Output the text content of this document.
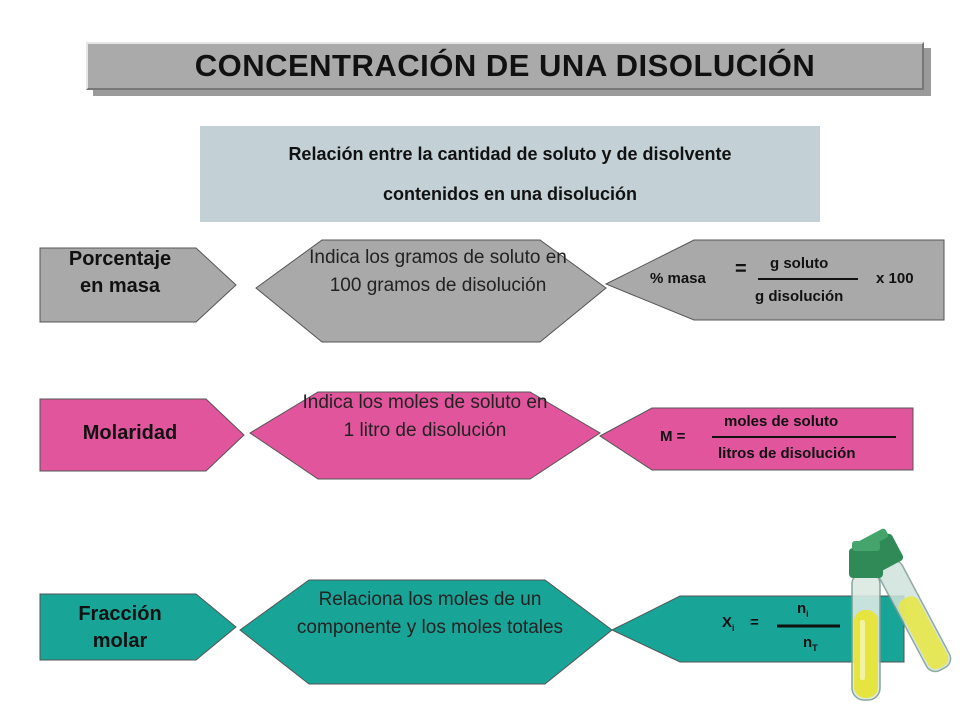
CONCENTRACIÓN DE UNA DISOLUCIÓN
Relación entre la cantidad de soluto y de disolvente
contenidos en una disolución
Porcentaje
en masa
Indica los gramos de soluto en 100 gramos de disolución	% masa = g soluto
g disolución
x 100
Molaridad
Indica los moles de soluto en 1 litro de disolución	M =
moles de soluto
litros de disolución
Fracción
molar
Relaciona los moles de un componente y los moles totales	$X_i$ =
$n_i$
$n_T$
